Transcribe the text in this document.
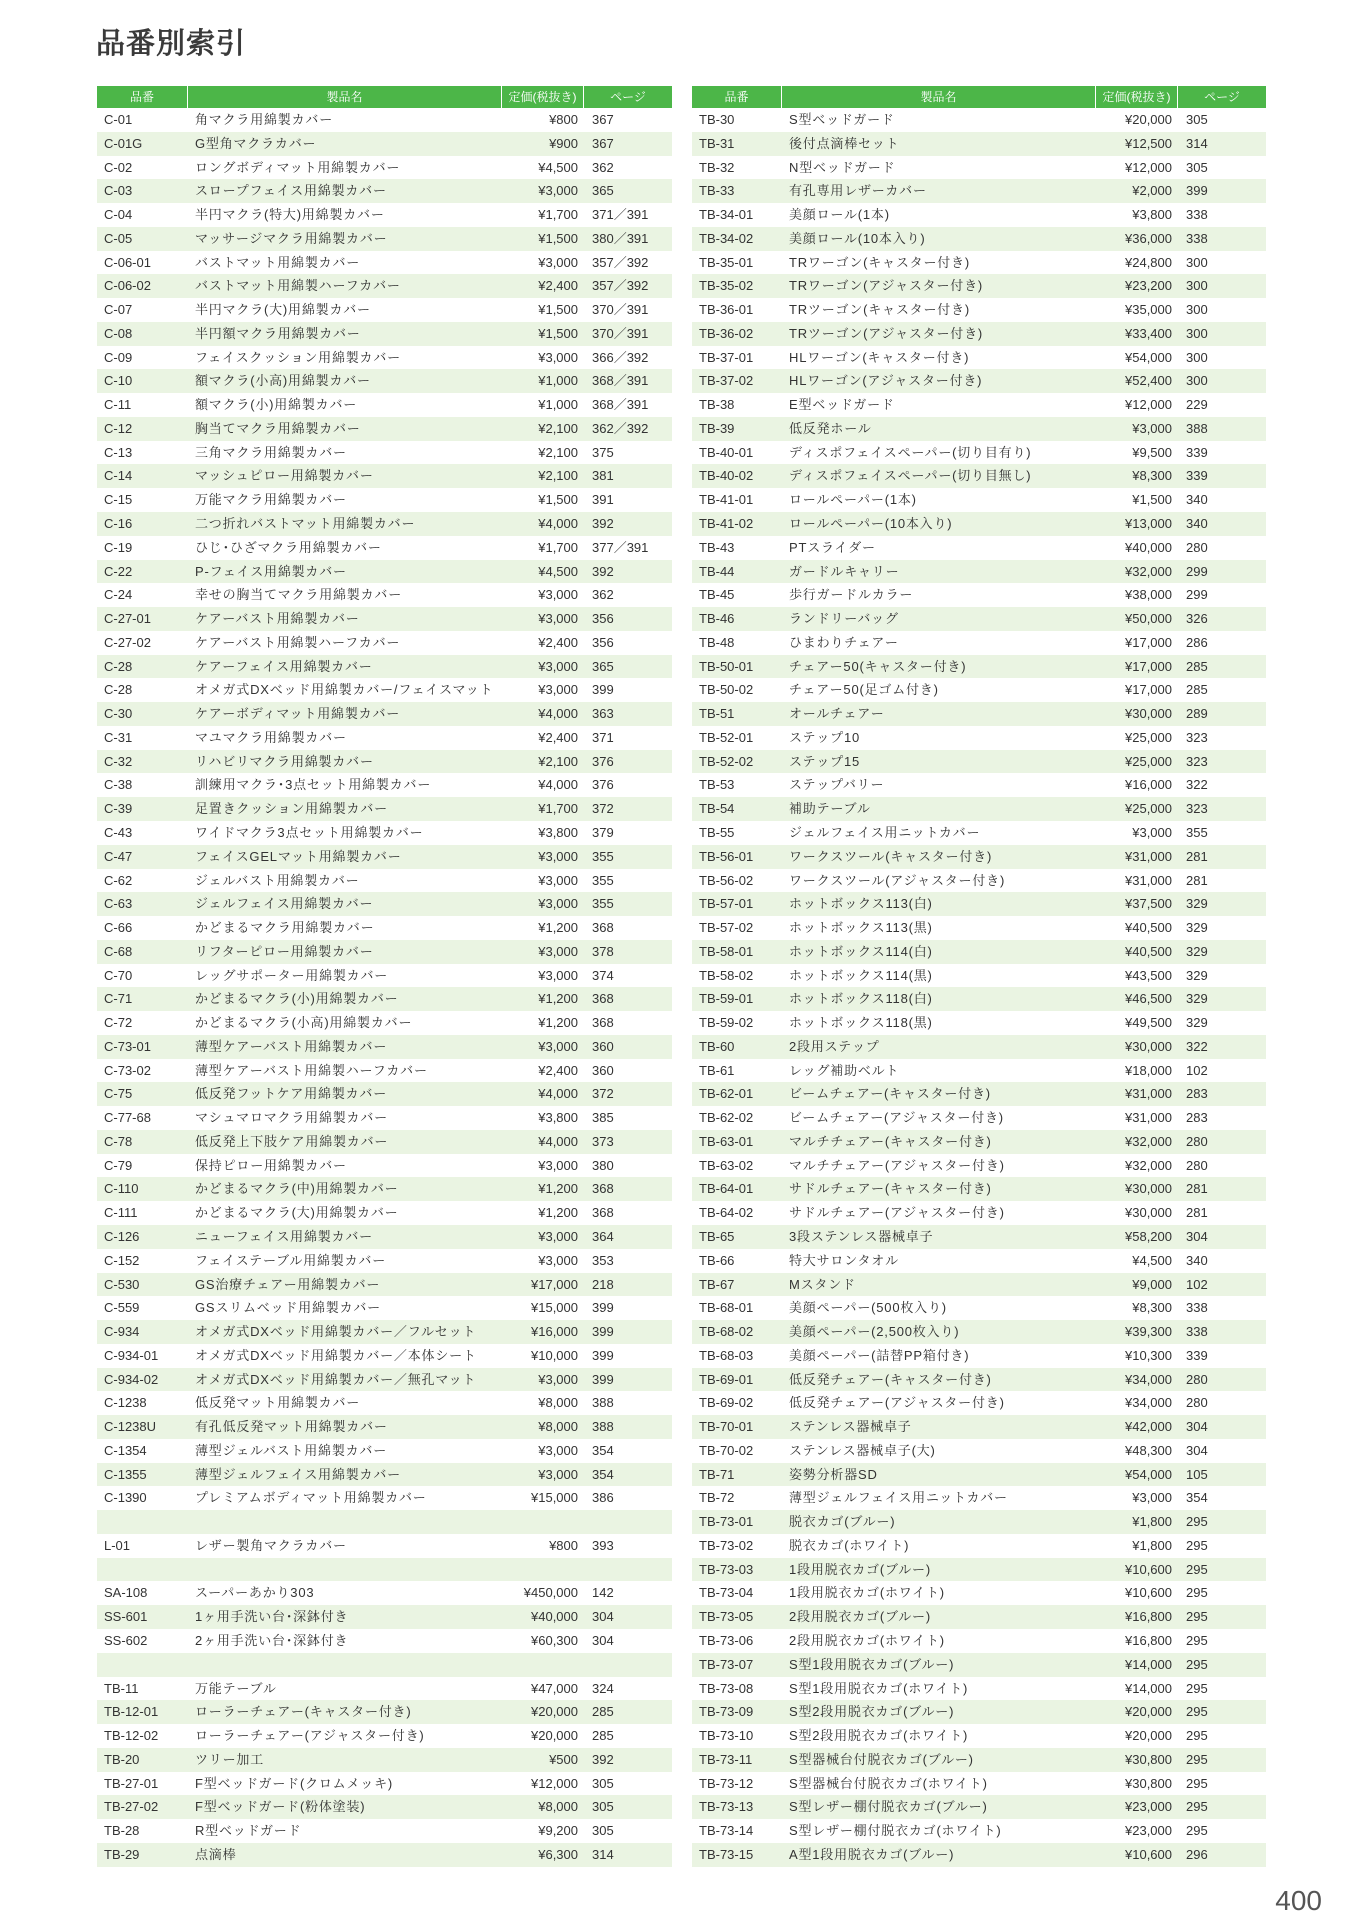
品番別索引
品番	製品名	定価(税抜き)	ページ
C-01	角マクラ用綿製カバー	¥800	367
C-01G	G型角マクラカバー	¥900	367
C-02	ロングボディマット用綿製カバー	¥4,500	362
C-03	スロープフェイス用綿製カバー	¥3,000	365
C-04	半円マクラ(特大)用綿製カバー	¥1,700	371／391
C-05	マッサージマクラ用綿製カバー	¥1,500	380／391
C-06-01	バストマット用綿製カバー	¥3,000	357／392
C-06-02	バストマット用綿製ハーフカバー	¥2,400	357／392
C-07	半円マクラ(大)用綿製カバー	¥1,500	370／391
C-08	半円額マクラ用綿製カバー	¥1,500	370／391
C-09	フェイスクッション用綿製カバー	¥3,000	366／392
C-10	額マクラ(小高)用綿製カバー	¥1,000	368／391
C-11	額マクラ(小)用綿製カバー	¥1,000	368／391
C-12	胸当てマクラ用綿製カバー	¥2,100	362／392
C-13	三角マクラ用綿製カバー	¥2,100	375
C-14	マッシュピロー用綿製カバー	¥2,100	381
C-15	万能マクラ用綿製カバー	¥1,500	391
C-16	二つ折れバストマット用綿製カバー	¥4,000	392
C-19	ひじ･ひざマクラ用綿製カバー	¥1,700	377／391
C-22	P-フェイス用綿製カバー	¥4,500	392
C-24	幸せの胸当てマクラ用綿製カバー	¥3,000	362
C-27-01	ケアーバスト用綿製カバー	¥3,000	356
C-27-02	ケアーバスト用綿製ハーフカバー	¥2,400	356
C-28	ケアーフェイス用綿製カバー	¥3,000	365
C-28	オメガ式DXベッド用綿製カバー/フェイスマット	¥3,000	399
C-30	ケアーボディマット用綿製カバー	¥4,000	363
C-31	マユマクラ用綿製カバー	¥2,400	371
C-32	リハビリマクラ用綿製カバー	¥2,100	376
C-38	訓練用マクラ･3点セット用綿製カバー	¥4,000	376
C-39	足置きクッション用綿製カバー	¥1,700	372
C-43	ワイドマクラ3点セット用綿製カバー	¥3,800	379
C-47	フェイスGELマット用綿製カバー	¥3,000	355
C-62	ジェルバスト用綿製カバー	¥3,000	355
C-63	ジェルフェイス用綿製カバー	¥3,000	355
C-66	かどまるマクラ用綿製カバー	¥1,200	368
C-68	リフターピロー用綿製カバー	¥3,000	378
C-70	レッグサポーター用綿製カバー	¥3,000	374
C-71	かどまるマクラ(小)用綿製カバー	¥1,200	368
C-72	かどまるマクラ(小高)用綿製カバー	¥1,200	368
C-73-01	薄型ケアーバスト用綿製カバー	¥3,000	360
C-73-02	薄型ケアーバスト用綿製ハーフカバー	¥2,400	360
C-75	低反発フットケア用綿製カバー	¥4,000	372
C-77-68	マシュマロマクラ用綿製カバー	¥3,800	385
C-78	低反発上下肢ケア用綿製カバー	¥4,000	373
C-79	保持ピロー用綿製カバー	¥3,000	380
C-110	かどまるマクラ(中)用綿製カバー	¥1,200	368
C-111	かどまるマクラ(大)用綿製カバー	¥1,200	368
C-126	ニューフェイス用綿製カバー	¥3,000	364
C-152	フェイステーブル用綿製カバー	¥3,000	353
C-530	GS治療チェアー用綿製カバー	¥17,000	218
C-559	GSスリムベッド用綿製カバー	¥15,000	399
C-934	オメガ式DXベッド用綿製カバー／フルセット	¥16,000	399
C-934-01	オメガ式DXベッド用綿製カバー／本体シート	¥10,000	399
C-934-02	オメガ式DXベッド用綿製カバー／無孔マット	¥3,000	399
C-1238	低反発マット用綿製カバー	¥8,000	388
C-1238U	有孔低反発マット用綿製カバー	¥8,000	388
C-1354	薄型ジェルバスト用綿製カバー	¥3,000	354
C-1355	薄型ジェルフェイス用綿製カバー	¥3,000	354
C-1390	プレミアムボディマット用綿製カバー	¥15,000	386
L-01	レザー製角マクラカバー	¥800	393
SA-108	スーパーあかり303	¥450,000	142
SS-601	1ヶ用手洗い台･深鉢付き	¥40,000	304
SS-602	2ヶ用手洗い台･深鉢付き	¥60,300	304
TB-11	万能テーブル	¥47,000	324
TB-12-01	ローラーチェアー(キャスター付き)	¥20,000	285
TB-12-02	ローラーチェアー(アジャスター付き)	¥20,000	285
TB-20	ツリー加工	¥500	392
TB-27-01	F型ベッドガード(クロムメッキ)	¥12,000	305
TB-27-02	F型ベッドガード(粉体塗装)	¥8,000	305
TB-28	R型ベッドガード	¥9,200	305
TB-29	点滴棒	¥6,300	314
品番	製品名	定価(税抜き)	ページ
TB-30	S型ベッドガード	¥20,000	305
TB-31	後付点滴棒セット	¥12,500	314
TB-32	N型ベッドガード	¥12,000	305
TB-33	有孔専用レザーカバー	¥2,000	399
TB-34-01	美顔ロール(1本)	¥3,800	338
TB-34-02	美顔ロール(10本入り)	¥36,000	338
TB-35-01	TRワーゴン(キャスター付き)	¥24,800	300
TB-35-02	TRワーゴン(アジャスター付き)	¥23,200	300
TB-36-01	TRツーゴン(キャスター付き)	¥35,000	300
TB-36-02	TRツーゴン(アジャスター付き)	¥33,400	300
TB-37-01	HLワーゴン(キャスター付き)	¥54,000	300
TB-37-02	HLワーゴン(アジャスター付き)	¥52,400	300
TB-38	E型ベッドガード	¥12,000	229
TB-39	低反発ホール	¥3,000	388
TB-40-01	ディスポフェイスペーパー(切り目有り)	¥9,500	339
TB-40-02	ディスポフェイスペーパー(切り目無し)	¥8,300	339
TB-41-01	ロールペーパー(1本)	¥1,500	340
TB-41-02	ロールペーパー(10本入り)	¥13,000	340
TB-43	PTスライダー	¥40,000	280
TB-44	ガードルキャリー	¥32,000	299
TB-45	歩行ガードルカラー	¥38,000	299
TB-46	ランドリーバッグ	¥50,000	326
TB-48	ひまわりチェアー	¥17,000	286
TB-50-01	チェアー50(キャスター付き)	¥17,000	285
TB-50-02	チェアー50(足ゴム付き)	¥17,000	285
TB-51	オールチェアー	¥30,000	289
TB-52-01	ステップ10	¥25,000	323
TB-52-02	ステップ15	¥25,000	323
TB-53	ステップバリー	¥16,000	322
TB-54	補助テーブル	¥25,000	323
TB-55	ジェルフェイス用ニットカバー	¥3,000	355
TB-56-01	ワークスツール(キャスター付き)	¥31,000	281
TB-56-02	ワークスツール(アジャスター付き)	¥31,000	281
TB-57-01	ホットボックス113(白)	¥37,500	329
TB-57-02	ホットボックス113(黒)	¥40,500	329
TB-58-01	ホットボックス114(白)	¥40,500	329
TB-58-02	ホットボックス114(黒)	¥43,500	329
TB-59-01	ホットボックス118(白)	¥46,500	329
TB-59-02	ホットボックス118(黒)	¥49,500	329
TB-60	2段用ステップ	¥30,000	322
TB-61	レッグ補助ベルト	¥18,000	102
TB-62-01	ビームチェアー(キャスター付き)	¥31,000	283
TB-62-02	ビームチェアー(アジャスター付き)	¥31,000	283
TB-63-01	マルチチェアー(キャスター付き)	¥32,000	280
TB-63-02	マルチチェアー(アジャスター付き)	¥32,000	280
TB-64-01	サドルチェアー(キャスター付き)	¥30,000	281
TB-64-02	サドルチェアー(アジャスター付き)	¥30,000	281
TB-65	3段ステンレス器械卓子	¥58,200	304
TB-66	特大サロンタオル	¥4,500	340
TB-67	Mスタンド	¥9,000	102
TB-68-01	美顔ペーパー(500枚入り)	¥8,300	338
TB-68-02	美顔ペーパー(2,500枚入り)	¥39,300	338
TB-68-03	美顔ペーパー(詰替PP箱付き)	¥10,300	339
TB-69-01	低反発チェアー(キャスター付き)	¥34,000	280
TB-69-02	低反発チェアー(アジャスター付き)	¥34,000	280
TB-70-01	ステンレス器械卓子	¥42,000	304
TB-70-02	ステンレス器械卓子(大)	¥48,300	304
TB-71	姿勢分析器SD	¥54,000	105
TB-72	薄型ジェルフェイス用ニットカバー	¥3,000	354
TB-73-01	脱衣カゴ(ブルー)	¥1,800	295
TB-73-02	脱衣カゴ(ホワイト)	¥1,800	295
TB-73-03	1段用脱衣カゴ(ブルー)	¥10,600	295
TB-73-04	1段用脱衣カゴ(ホワイト)	¥10,600	295
TB-73-05	2段用脱衣カゴ(ブルー)	¥16,800	295
TB-73-06	2段用脱衣カゴ(ホワイト)	¥16,800	295
TB-73-07	S型1段用脱衣カゴ(ブルー)	¥14,000	295
TB-73-08	S型1段用脱衣カゴ(ホワイト)	¥14,000	295
TB-73-09	S型2段用脱衣カゴ(ブルー)	¥20,000	295
TB-73-10	S型2段用脱衣カゴ(ホワイト)	¥20,000	295
TB-73-11	S型器械台付脱衣カゴ(ブルー)	¥30,800	295
TB-73-12	S型器械台付脱衣カゴ(ホワイト)	¥30,800	295
TB-73-13	S型レザー棚付脱衣カゴ(ブルー)	¥23,000	295
TB-73-14	S型レザー棚付脱衣カゴ(ホワイト)	¥23,000	295
TB-73-15	A型1段用脱衣カゴ(ブルー)	¥10,600	296
400
